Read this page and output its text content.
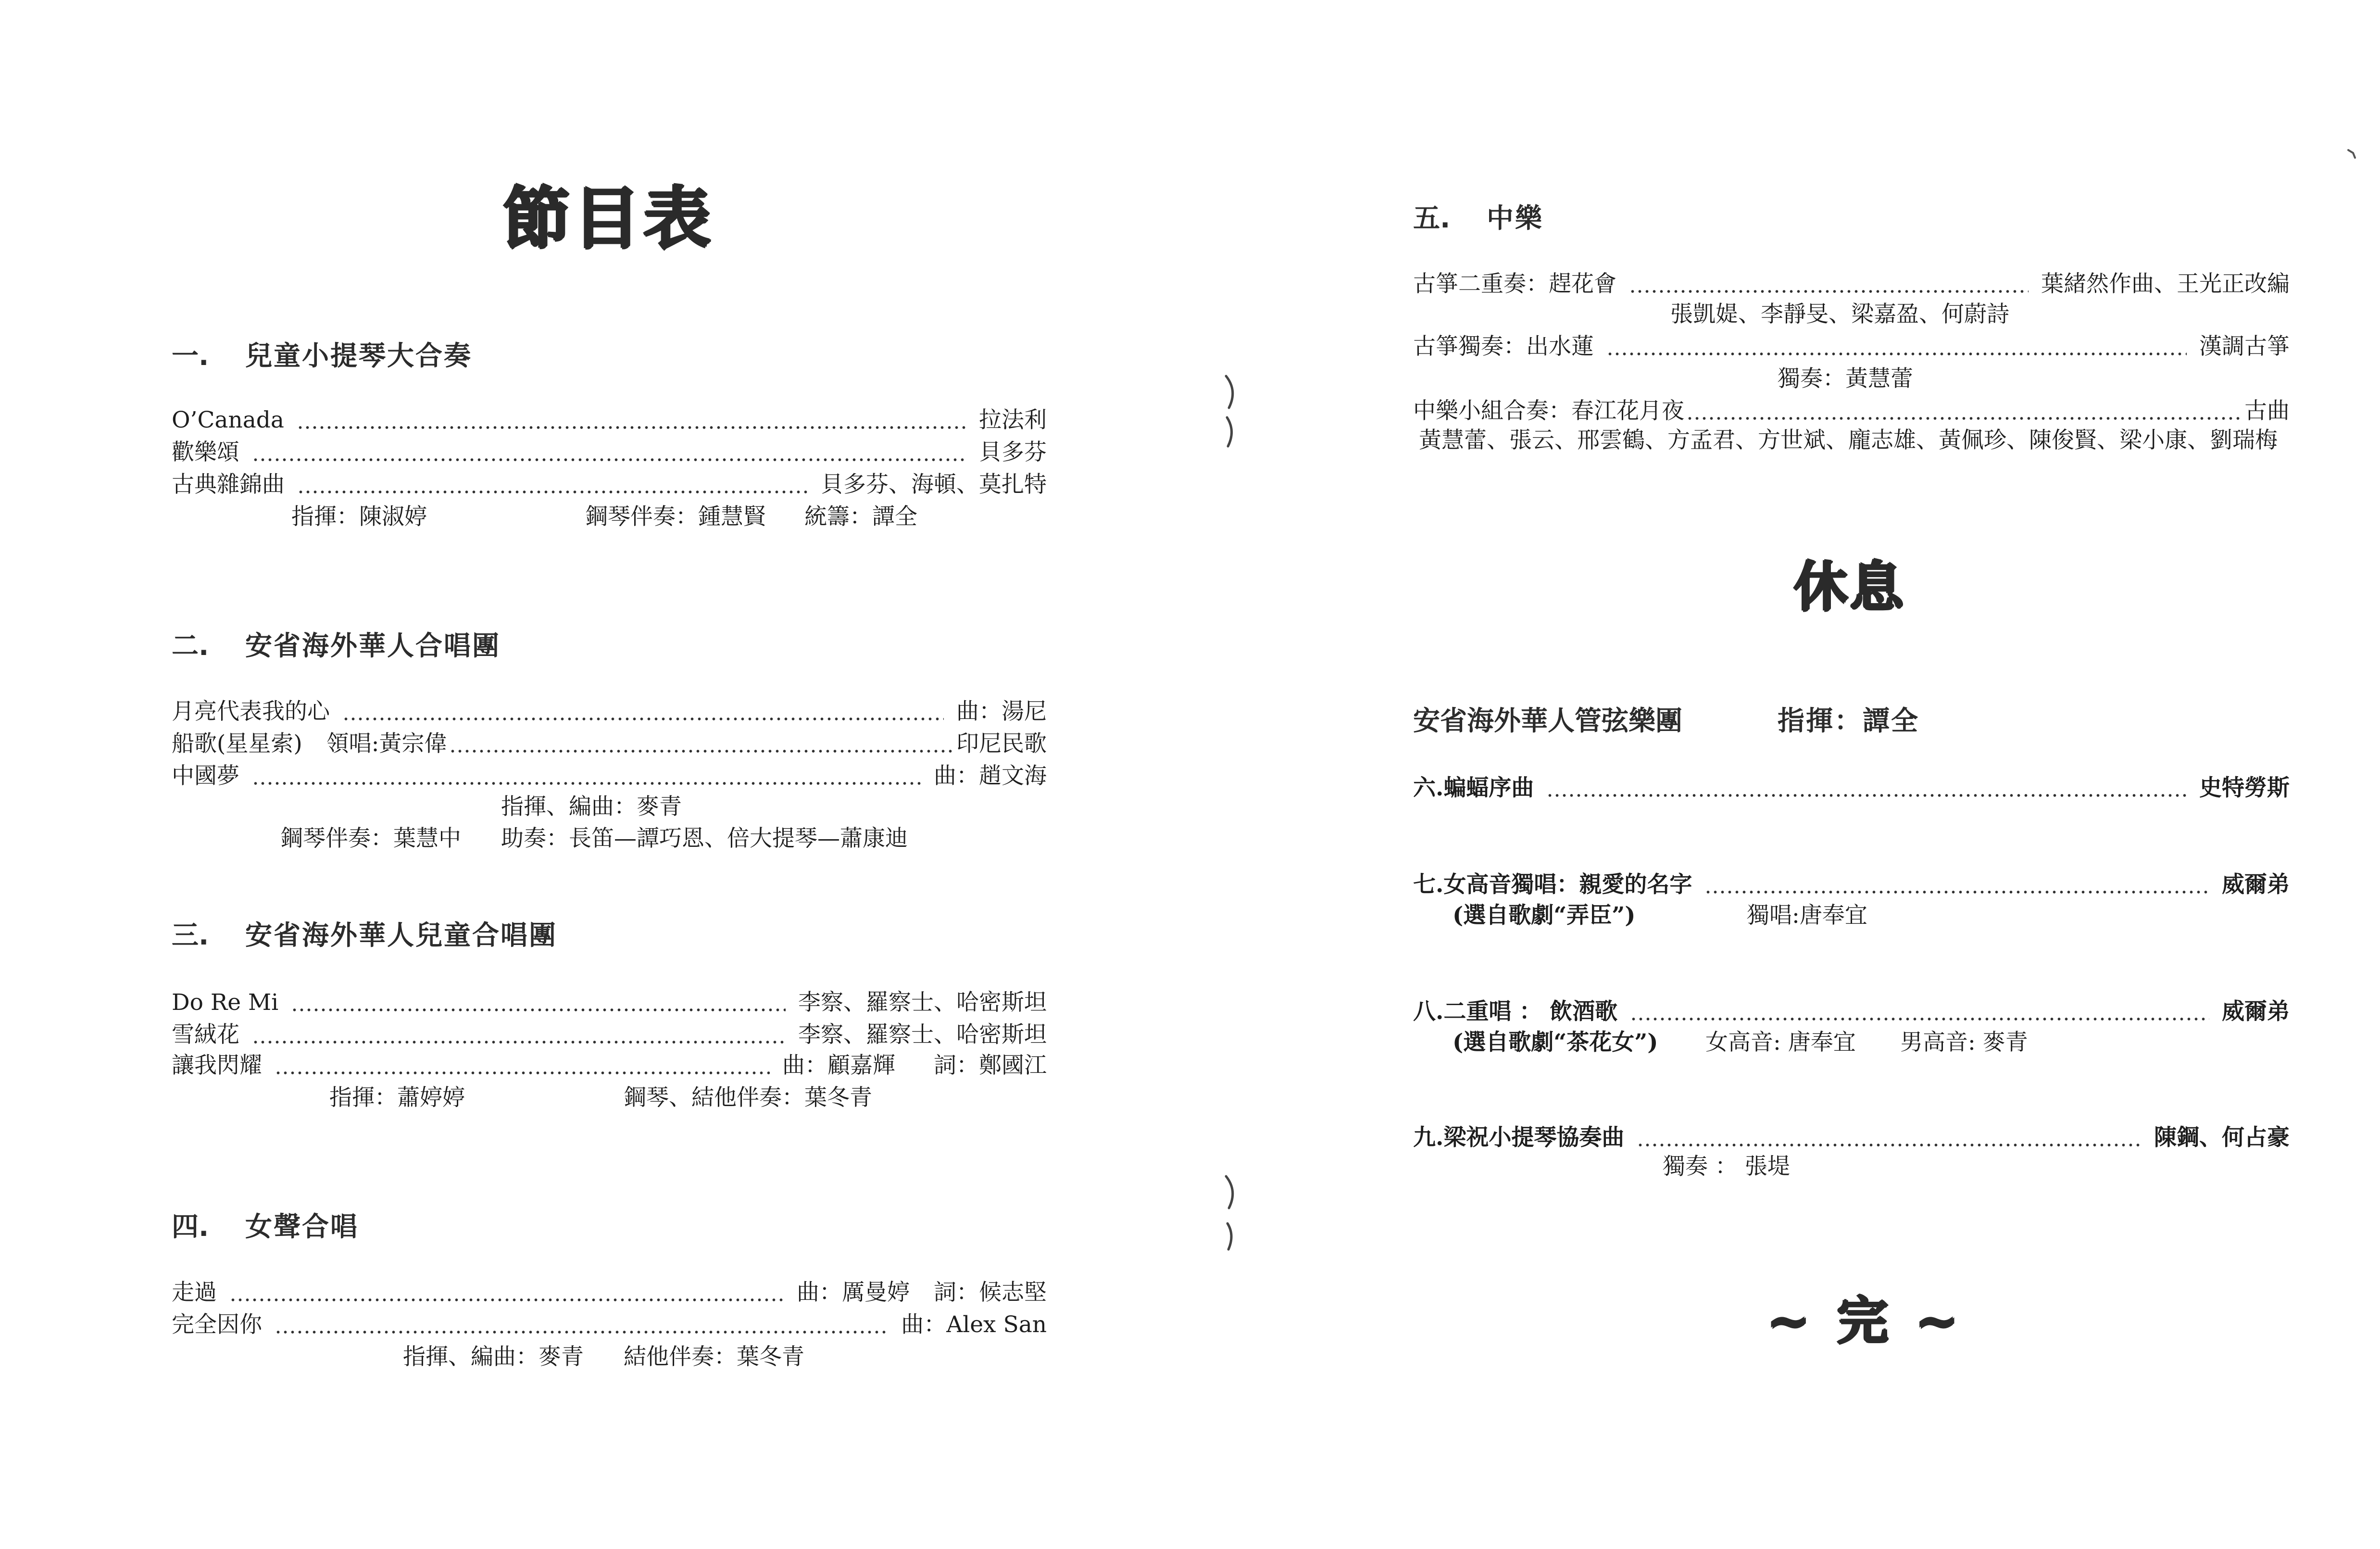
節目表
一. 兒童小提琴大合奏
O’Canada	拉法利
歡樂頌	貝多芬
古典雜錦曲	貝多芬、海頓、莫扎特
指揮：陳淑婷	鋼琴伴奏：鍾慧賢 統籌：譚全
二. 安省海外華人合唱團
月亮代表我的心	曲：湯尼
船歌(星星索) 領唱:黃宗偉	印尼民歌
中國夢	曲：趙文海
指揮、編曲：麥青
鋼琴伴奏：葉慧中 助奏：長笛—譚巧恩、倍大提琴—蕭康迪
三. 安省海外華人兒童合唱團
Do Re Mi	李察、羅察士、哈密斯坦
雪絨花	李察、羅察士、哈密斯坦
讓我閃耀	曲：顧嘉輝 詞：鄭國江
指揮：蕭婷婷	鋼琴、結他伴奏：葉冬青
四. 女聲合唱
走過	曲：厲曼婷 詞：候志堅
完全因你	曲：Alex San
指揮、編曲：麥青 結他伴奏：葉冬青
五. 中樂
古箏二重奏：趕花會	葉緒然作曲、王光正改編
張凱媞、李靜旻、梁嘉盈、何蔚詩
古箏獨奏：出水蓮	漢調古箏
獨奏：黃慧蕾
中樂小組合奏：春江花月夜	古曲
黃慧蕾、張云、邢雲鶴、方孟君、方世斌、龐志雄、黃佩珍、陳俊賢、梁小康、劉瑞梅
休息
安省海外華人管弦樂團	指揮：譚全
六.蝙蝠序曲	史特勞斯
七.女高音獨唱：親愛的名字	威爾弟
(選自歌劇“弄臣”)	獨唱:唐奉宜
八.二重唱 ： 飲酒歌	威爾弟
(選自歌劇“茶花女”) 女高音: 唐奉宜 男高音: 麥青
九.梁祝小提琴協奏曲	陳鋼、何占豪
獨奏 ： 張堤
~ 完 ~
